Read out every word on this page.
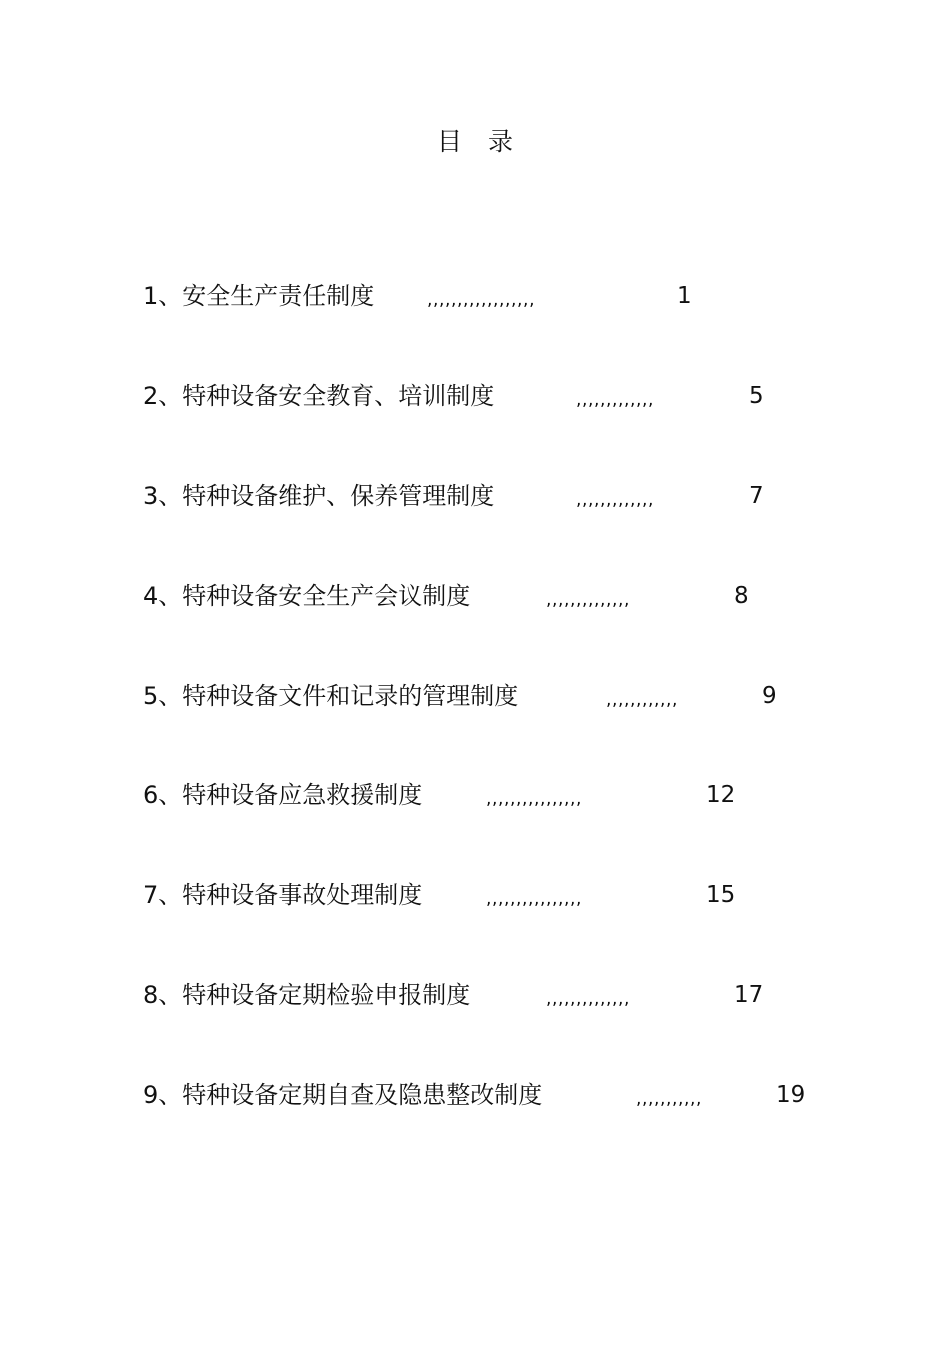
目 录
1、安全生产责任制度	,,,,,,,,,,,,,,,,,,	1
2、特种设备安全教育、培训制度	,,,,,,,,,,,,,	5
3、特种设备维护、保养管理制度	,,,,,,,,,,,,,	7
4、特种设备安全生产会议制度	,,,,,,,,,,,,,,	8
5、特种设备文件和记录的管理制度	,,,,,,,,,,,,	9
6、特种设备应急救援制度	,,,,,,,,,,,,,,,,	12
7、特种设备事故处理制度	,,,,,,,,,,,,,,,,	15
8、特种设备定期检验申报制度	,,,,,,,,,,,,,,	17
9、特种设备定期自查及隐患整改制度	,,,,,,,,,,,	19
